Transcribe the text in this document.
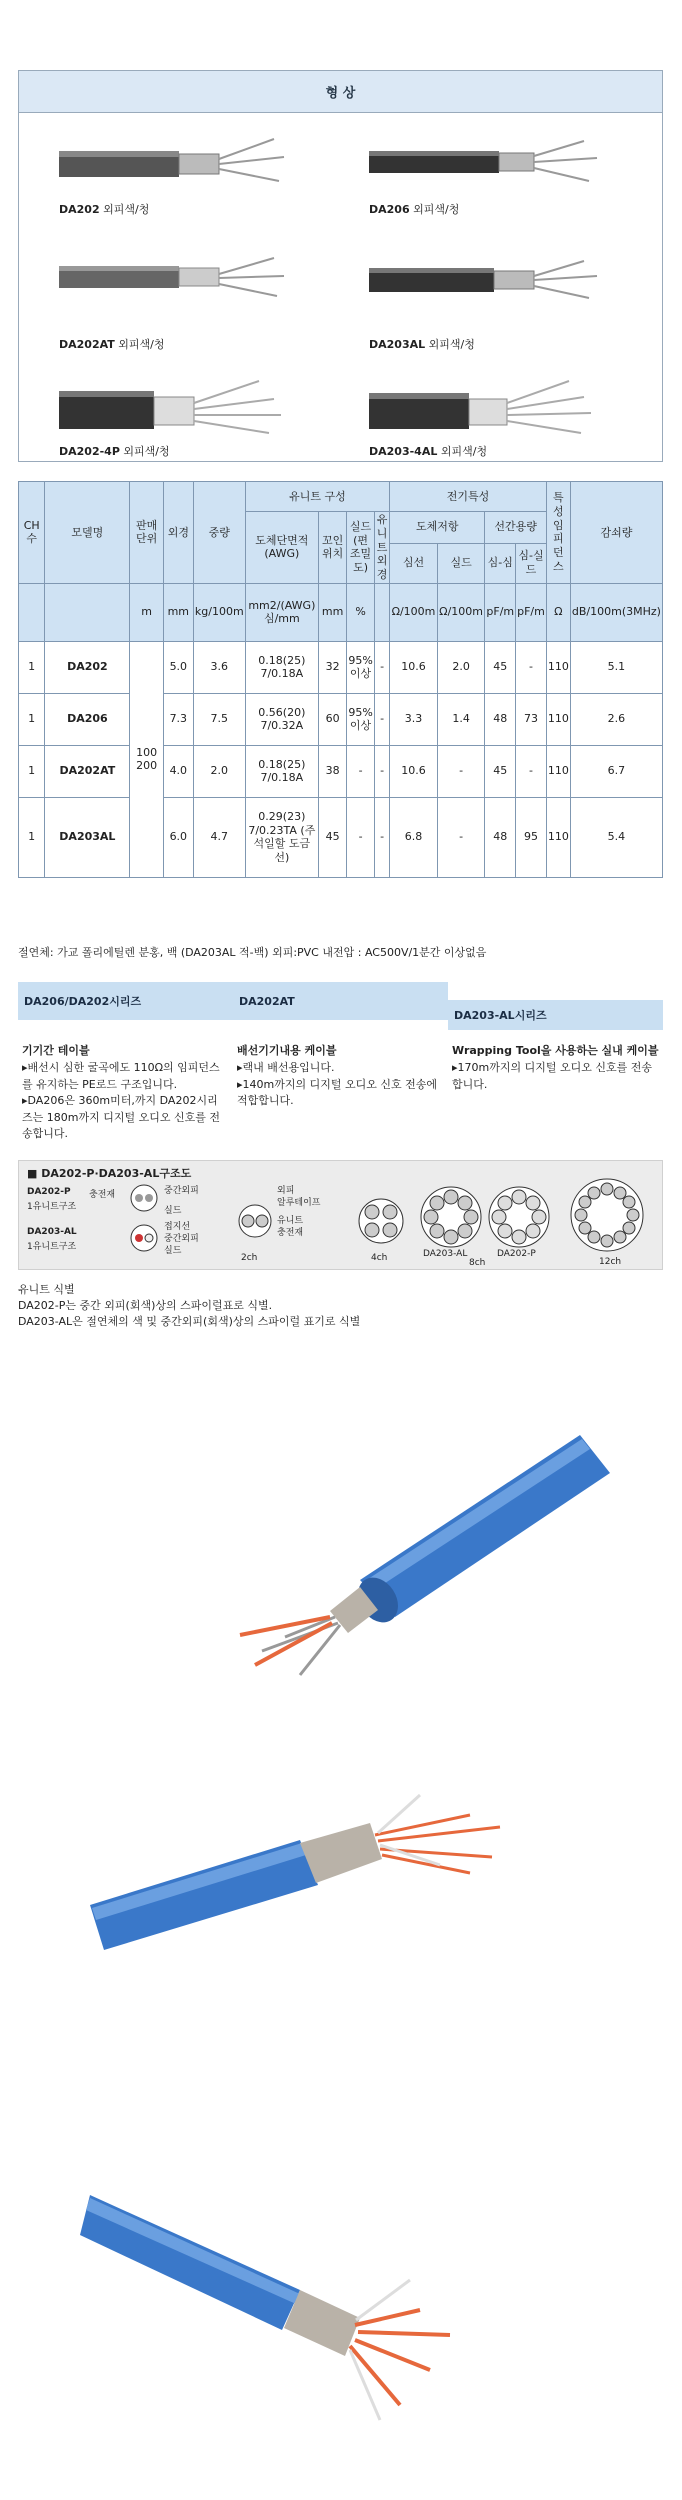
형 상
DA202 외피색/청	DA206 외피색/청
DA202AT 외피색/청	DA203AL 외피색/청
DA202-4P 외피색/청	DA203-4AL 외피색/청
CH수	모델명	판매단위	외경	중량	유니트 구성				전기특성				특성임피던스	감쇠량
					도체단면적(AWG)	꼬인위치	실드(편조밀도)	유니트외경	도체저항		선간용량			
									심선	실드	심-심	심-실드		
		m	mm	kg/100m	mm2/(AWG)심/mm	mm	%		Ω/100m	Ω/100m	pF/m	pF/m	Ω	dB/100m(3MHz)
1	DA202	100 200	5.0	3.6	0.18(25) 7/0.18A	32	95% 이상	-	10.6	2.0	45	-	110	5.1
1	DA206		7.3	7.5	0.56(20) 7/0.32A	60	95% 이상	-	3.3	1.4	48	73	110	2.6
1	DA202AT		4.0	2.0	0.18(25) 7/0.18A	38	-	-	10.6	-	45	-	110	6.7
1	DA203AL		6.0	4.7	0.29(23) 7/0.23TA (주석일할 도금선)	45	-	-	6.8	-	48	95	110	5.4
절연체: 가교 폴리에틸렌 분홍, 백 (DA203AL 적-백) 외피:PVC 내전압 : AC500V/1분간 이상없음
DA206/DA202시리즈
기기간 테이블
▸배선시 심한 굴곡에도 110Ω의 임피던스를 유지하는 PE로드 구조입니다.
▸DA206은 360m미터,까지 DA202시리즈는 180m까지 디지털 오디오 신호를 전송합니다.
DA202AT
배선기기내용 케이블
▸랙내 배선용입니다.
▸140m까지의 디지털 오디오 신호 전송에 적합합니다.
DA203-AL시리즈
Wrapping Tool을 사용하는 실내 케이블
▸170m까지의 디지털 오디오 신호를 전송합니다.
■ DA202-P·DA203-AL구조도
DA202-P
1유니트구조
충전재	중간외피
실드
DA203-AL
1유니트구조
접지선
중간외피
실드
외피
알루테이프
유니트
충전재
2ch	4ch	DA203-AL
8ch
DA202-P
12ch
유니트 식별
DA202-P는 중간 외피(회색)상의 스파이럴표로 식별.
DA203-AL은 절연체의 색 및 중간외피(회색)상의 스파이럴 표기로 식별
